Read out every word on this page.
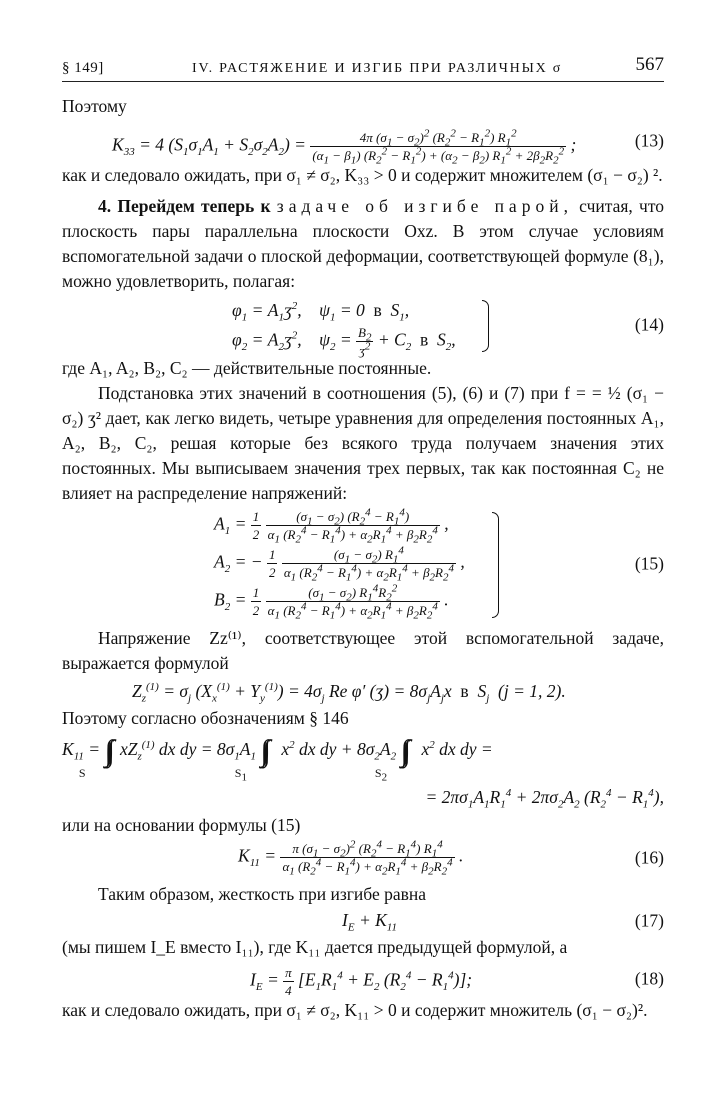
§ 149]	IV. РАСТЯЖЕНИЕ И ИЗГИБ ПРИ РАЗЛИЧНЫХ σ	567

Поэтому

$K_{33} = 4$ $(S_1\sigma_1A_1 + S_2\sigma_2A_2) = \frac{4\pi (\sigma_1 - \sigma_2)^2 (R_2^2 - R_1^2) R_1^2}{(\alpha_1 - \beta_1) (R_2^2 - R_1^2) + (\alpha_2 - \beta_2) R_1^2 + 2\beta_2R_2^2}$ ;	(13)

как и следовало ожидать, при σ₁ ≠ σ₂, K₃₃ > 0 и содержит множителем (σ₁ − σ₂) ².

4. Перейдем теперь к задаче об изгибе парой, считая, что плоскость пары параллельна плоскости Oxz. В этом случае условиям вспомогательной задачи о плоской деформации, соответствующей формуле (8₁), можно удовлетворить, полагая:

$\varphi_1$ = $A_1ʒ^2$,    $\psi_1 = 0$  в  $S_1$,
$\varphi_2$ = $A_2ʒ^2$,    $\psi_2 = \frac{B_2}{ʒ^2} + C_2$ в  $S_2$,
(14)

где A₁, A₂, B₂, C₂ — действительные постоянные.

Подстановка этих значений в соотношения (5), (6) и (7) при f = = ½ (σ₁ − σ₂) ʒ² дает, как легко видеть, четыре уравнения для определения постоянных A₁, A₂, B₂, C₂, решая которые без всякого труда получаем значения этих постоянных. Мы выписываем значения трех первых, так как постоянная C₂ не влияет на распределение напряжений:

$A_1 = \frac{1}{2}$
$\frac{(\sigma_1 - \sigma_2) (R_2^4 - R_1^4)}{\alpha_1 (R_2^4 - R_1^4) + \alpha_2R_1^4 + \beta_2R_2^4}$ ,
$A_2$ = − $\frac{1}{2}$
$\frac{(\sigma_1 - \sigma_2) R_1^4}{\alpha_1 (R_2^4 - R_1^4) + \alpha_2R_1^4 + \beta_2R_2^4}$ ,
$B_2 = \frac{1}{2}$
$\frac{(\sigma_1 - \sigma_2) R_1^4R_2^2}{\alpha_1 (R_2^4 - R_1^4) + \alpha_2R_1^4 + \beta_2R_2^4}$ .
(15)

Напряжение Zz⁽¹⁾, соответствующее этой вспомогательной задаче, выражается формулой

$Z_z^{(1)} = \sigma_j$ $(X_x^{(1)} + Y_y^{(1)}) = 4\sigma_j$ Re φ′ (ʒ) = $8\sigma_jA_jx$  в  $S_j$  (j = 1, 2).

Поэтому согласно обозначениям § 146

$K_{11} = \int\int_S$ $xZ_z^{(1)}$ dx dy = $8\sigma_1A_1$ $\int\int_{S_1}$ $x^2$ dx dy + $8\sigma_2A_2$ $\int\int_{S_2}$ $x^2$ dx dy =
= $2\pi\sigma_1A_1R_1^4 + 2\pi\sigma_2A_2$ $(R_2^4 - R_1^4)$,

или на основании формулы (15)

$K_{11} = \frac{\pi (\sigma_1 - \sigma_2)^2 (R_2^4 - R_1^4) R_1^4}{\alpha_1 (R_2^4 - R_1^4) + \alpha_2R_1^4 + \beta_2R_2^4}$ .	(16)

Таким образом, жесткость при изгибе равна

$I_E + K_{11}$	(17)

(мы пишем I_E вместо I₁₁), где K₁₁ дается предыдущей формулой, а

$I_E = \frac{\pi}{4} [E_1R_1^4 + E_2$ $(R_2^4 - R_1^4)$];	(18)

как и следовало ожидать, при σ₁ ≠ σ₂, K₁₁ > 0 и содержит множитель (σ₁ − σ₂)².
